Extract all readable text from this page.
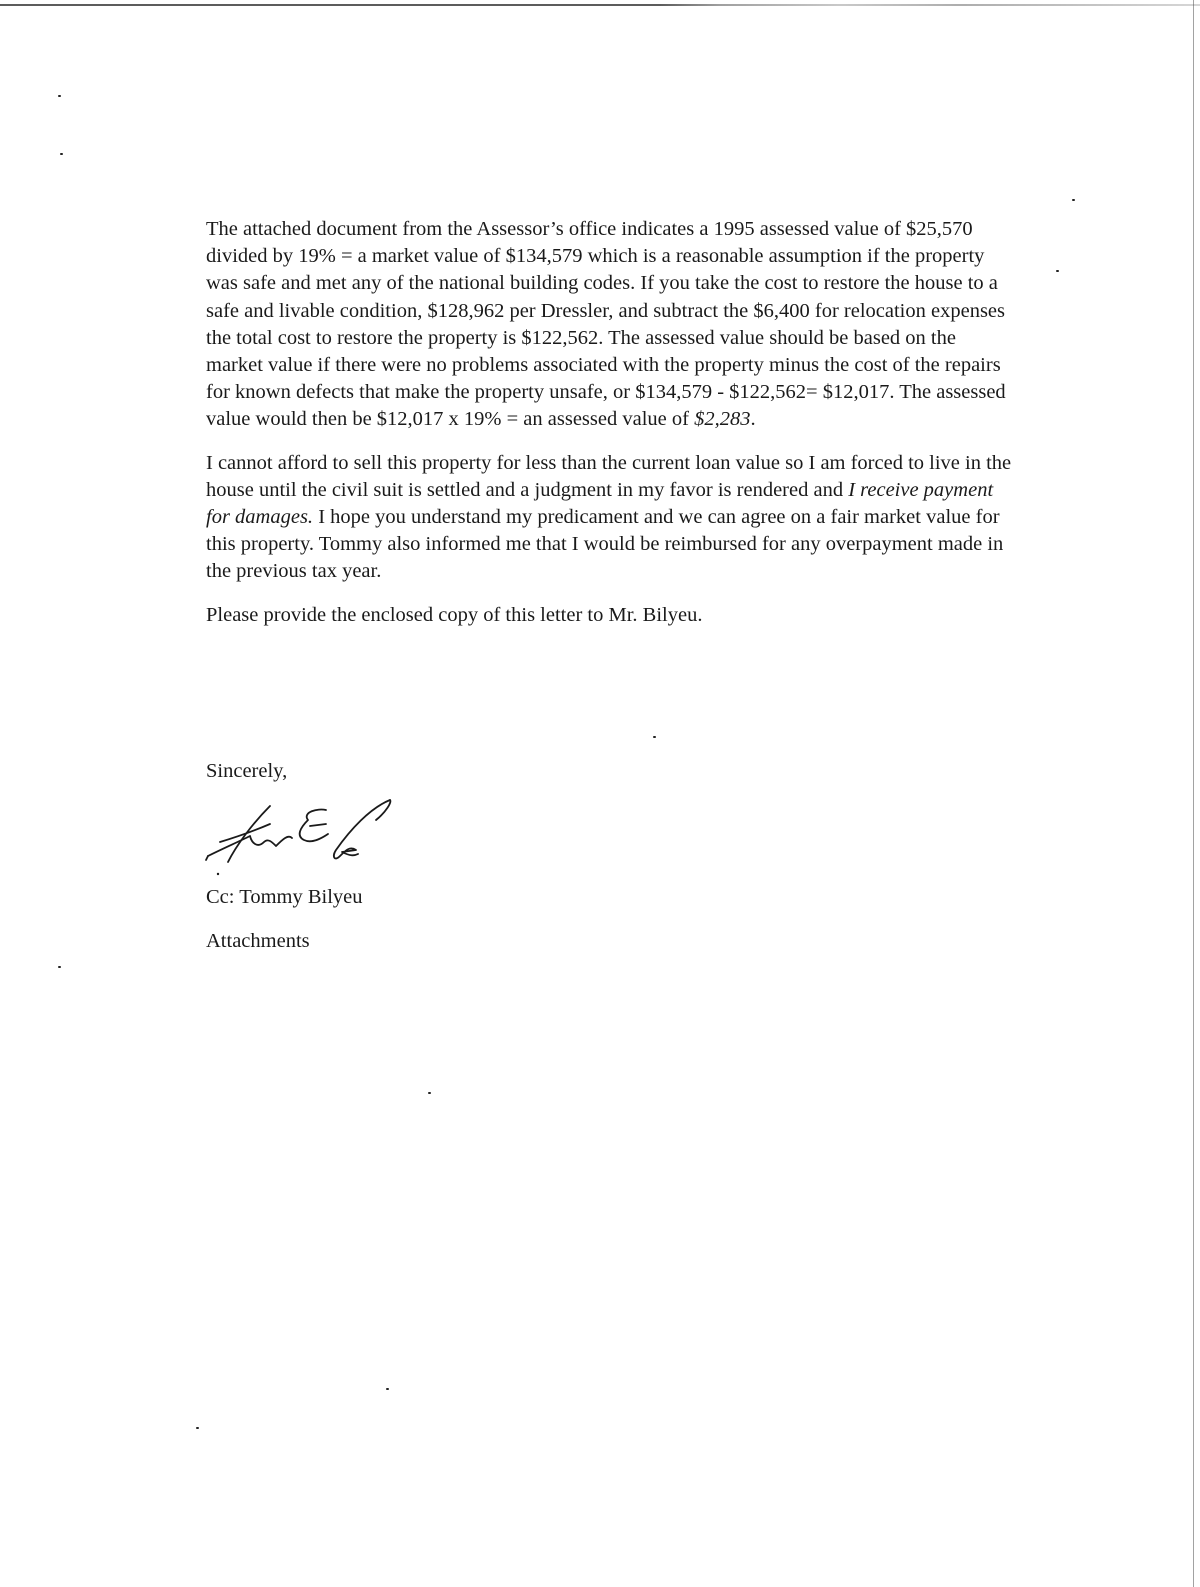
The attached document from the Assessor’s office indicates a 1995 assessed value of $25,570 divided by 19% = a market value of $134,579 which is a reasonable assumption if the property was safe and met any of the national building codes. If you take the cost to restore the house to a safe and livable condition, $128,962 per Dressler, and subtract the $6,400 for relocation expenses the total cost to restore the property is $122,562. The assessed value should be based on the market value if there were no problems associated with the property minus the cost of the repairs for known defects that make the property unsafe, or $134,579 - $122,562= $12,017. The assessed value would then be $12,017 x 19% = an assessed value of $2,283.

I cannot afford to sell this property for less than the current loan value so I am forced to live in the house until the civil suit is settled and a judgment in my favor is rendered and I receive payment for damages. I hope you understand my predicament and we can agree on a fair market value for this property. Tommy also informed me that I would be reimbursed for any overpayment made in the previous tax year.

Please provide the enclosed copy of this letter to Mr. Bilyeu.

Sincerely,
Cc: Tommy Bilyeu
Attachments
